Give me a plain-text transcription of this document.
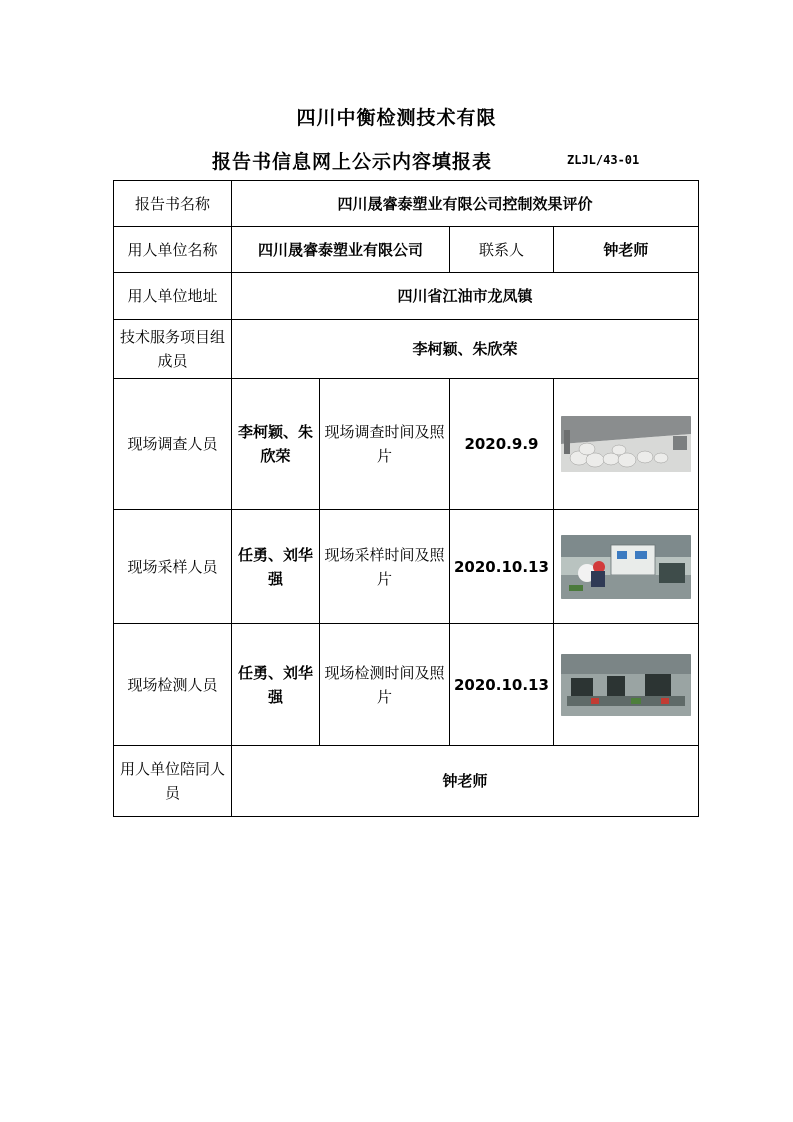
四川中衡检测技术有限
报告书信息网上公示内容填报表	ZLJL/43-01
报告书名称	四川晟睿泰塑业有限公司控制效果评价			
用人单位名称	四川晟睿泰塑业有限公司		联系人	钟老师
用人单位地址	四川省江油市龙凤镇			
技术服务项目组成员	李柯颖、朱欣荣			
现场调查人员	李柯颖、朱欣荣	现场调查时间及照片	2020.9.9	

现场采样人员	任勇、刘华强	现场采样时间及照片	2020.10.13	

现场检测人员	任勇、刘华强	现场检测时间及照片	2020.10.13	

用人单位陪同人员	钟老师			
